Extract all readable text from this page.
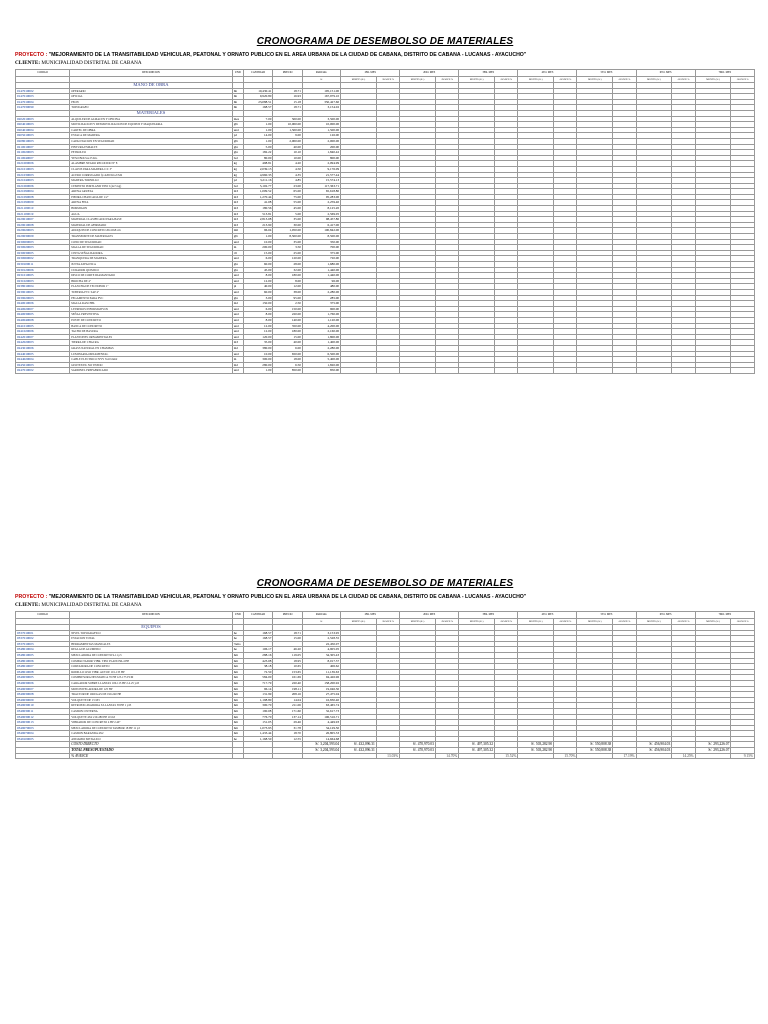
CRONOGRAMA DE DESEMBOLSO DE MATERIALES
PROYECTO : "MEJORAMIENTO DE LA TRANSITABILIDAD VEHICULAR, PEATONAL Y ORNATO PUBLICO EN EL AREA URBANA DE LA CIUDAD DE CABANA, DISTRITO DE CABANA - LUCANAS - AYACUCHO"
CLIENTE: MUNICIPALIDAD DISTRITAL DE CABANA
CODIGO	DESCRIPCION	UND	CANTIDAD	PRECIO	PARCIAL	1ER. MES		2DO. MES		3ER. MES		4TO. MES		5TO. MES		6TO. MES		7MO. MES	
					S/.	MONTO (S/.)	AVANCE %	MONTO (S/.)	AVANCE %	MONTO (S/.)	AVANCE %	MONTO (S/.)	AVANCE %	MONTO (S/.)	AVANCE %	MONTO (S/.)	AVANCE %	MONTO (S/.)	AVANCE %
	MANO DE OBRA																		
0147010002	OPERARIO	hh	10,430.41	18.71	195,151.00														
0147010003	OFICIAL	hh	9,920.80	16.93	167,979.10														
0147010004	PEON	hh	23,088.51	15.18	350,427.60														
0147030090	TOPOGRAFO	hh	168.57	18.71	3,154.02														
	MATERIALES																		
0202010003	ALQUILER DE ALMACEN Y OFICINA	mes	7.00	500.00	3,500.00														
0204010003	MOVILIZACION Y DESMOVILIZACION DE EQUIPOS Y MAQUINARIA	glb	1.00	10,000.00	10,000.00														
0204010004	CARTEL DE OBRA	und	1.00	1,500.00	1,500.00														
0205010003	ESTACA DE MADERA	p2	14.00	9.00	126.00														
0208010003	CAPACITACION EN SEGURIDAD	glb	1.00	2,000.00	2,000.00														
0210010007	PINTURA ESMALTE	gln	5.00	40.00	200.00														
0210020003	PETROLEO	gln	182.22	10.10	1,840.42														
0210040007	YESO BOLSA 25 KG	bol	80.00	10.00	800.00														
0221000006	ALAMBRE NEGRO RECOCIDO Nº 8	kg	498.81	4.20	2,094.99														
0221010003	CLAVOS PARA MADERA C/C 3"	kg	2,039.13	4.50	9,176.09														
0221030003	ACERO CORRUGADO fy=4200 KG/CM2	kg	4,960.33	4.35	21,577.44														
0221040003	MADERA TORNILLO	p2	3,211.16	4.85	15,574.13														
0221060006	CEMENTO PORTLAND TIPO I (42.5 kg)	bol	5,102.77	23.00	117,363.71														
0221090004	ARENA GRUESA	m3	1,009.52	65.00	65,618.80														
0221090008	PIEDRA CHANCADA DE 1/2"	m3	1,270.44	75.00	95,283.00														
0221090009	ARENA FINA	m3	41.08	55.00	2,259.40														
0221100010	HORMIGON	m3	180.56	45.00	8,125.20														
0221100019	AGUA	m3	513.81	5.00	2,569.05														
0229010007	MATERIAL CLASIFICADO PARA BASE	m3	2,813.08	35.00	98,457.80														
0229010008	MATERIAL DE AFIRMADO	m3	213.90	30.00	6,417.00														
0229020003	ADOQUIN DE CONCRETO 20x10x8 cm	mil	96.04	1,050.00	100,842.00														
0229030009	TRANSPORTE DE MATERIALES	glb	1.00	8,500.00	8,500.00														
0230000003	CONO DE SEGURIDAD	und	10.00	35.00	350.00														
0230020003	MALLA DE SEGURIDAD	m	200.00	3.50	700.00														
0230030005	CINTA SEÑALIZADORA	rll	15.00	25.00	375.00														
0230060002	TRANQUERA DE MADERA	und	6.00	120.00	720.00														
0230100011	JUNTA ASFALTICA	gln	60.00	28.00	1,680.00														
0230120006	CURADOR QUIMICO	gln	45.00	32.00	1,440.00														
0231010005	DISCO DE CORTE DIAMANTADO	und	8.00	180.00	1,440.00														
0231020003	BROCHA DE 4"	und	12.00	8.00	96.00														
0238010004	PLANCHA DE TECNOPOR 1"	pl	40.00	12.00	480.00														
0239010005	TUBERIA PVC SAP 4"	und	60.00	38.00	2,280.00														
0239020003	PEGAMENTO PARA PVC	gln	3.00	95.00	285.00														
0240010006	MALLA RASCHEL	m2	150.00	2.50	375.00														
0240020007	LETREROS INFORMATIVOS	und	6.00	150.00	900.00														
0240030005	SEÑAL PREVENTIVA	und	8.00	220.00	1,760.00														
0240040008	POSTE DE CONCRETO	und	8.00	140.00	1,120.00														
0241010005	BANCA DE CONCRETO	und	12.00	350.00	4,200.00														
0241020006	TACHO DE BASURA	und	12.00	180.00	2,160.00														
0242010007	PLANTONES ORNAMENTALES	und	120.00	15.00	1,800.00														
0242020003	TIERRA DE CHACRA	m3	35.00	40.00	1,400.00														
0243010006	GRASS NATURAL EN CHAMPAS	m2	380.00	6.00	2,280.00														
0244010005	LUMINARIA ORNAMENTAL	und	10.00	650.00	6,500.00														
0244020004	CABLE ELECTRICO NYY 3x10 mm2	m	300.00	18.00	5,400.00														
0245010003	GEOTEXTIL NO TEJIDO	m2	280.00	6.50	1,820.00														
0247010002	SARDINEL PREFABRICADO	und	1.00	850.00	850.00														
CRONOGRAMA DE DESEMBOLSO DE MATERIALES
PROYECTO : "MEJORAMIENTO DE LA TRANSITABILIDAD VEHICULAR, PEATONAL Y ORNATO PUBLICO EN EL AREA URBANA DE LA CIUDAD DE CABANA, DISTRITO DE CABANA - LUCANAS - AYACUCHO"
CLIENTE: MUNICIPALIDAD DISTRITAL DE CABANA
CODIGO	DESCRIPCION	UND	CANTIDAD	PRECIO	PARCIAL	1ER. MES		2DO. MES		3ER. MES		4TO. MES		5TO. MES		6TO. MES		7MO. MES	
					S/.	MONTO (S/.)	AVANCE %	MONTO (S/.)	AVANCE %	MONTO (S/.)	AVANCE %	MONTO (S/.)	AVANCE %	MONTO (S/.)	AVANCE %	MONTO (S/.)	AVANCE %	MONTO (S/.)	AVANCE %
	EQUIPOS																		
0337010001	NIVEL TOPOGRAFICO	he	168.57	18.71	3,153.95														
0337010002	ESTACION TOTAL	he	168.57	15.00	2,528.55														
0337010003	HERRAMIENTAS MANUALES	%mo			22,450.07														
0348010004	REGLA DE ALUMINIO	he	106.17	46.20	4,905.05														
0348010005	MEZCLADORA DE CONCRETO 9-11 p3	hm	288.16	119.05	34,305.43														
0348010006	COMPACTADOR VIBR. TIPO PLANCHA 4 HP	hm	423.08	18.95	8,017.37														
0348010007	CORTADORA DE CONCRETO	hm	38.18	10.65	406.62														
0348010008	RODILLO LISO VIBR. AUTOP. 101-135 HP	hm	72.50	153.65	11,139.63														
0349030005	COMPRESORA NEUMATICA 76 HP 125-175 PCM	hm	584.00	161.69	94,426.96														
0349030006	CARGADOR SOBRE LLANTAS 100-115 HP 2-2.25 yd3	hm	717.79	220.40	158,200.92														
0349030007	MOTONIVELADORA DE 125 HP	hm	96.14	198.11	19,046.30														
0349030008	TRACTOR DE ORUGAS DE 190-240 HP	hm	131.99	208.16	27,475.04														
0349030009	VOLQUETE DE 15 M3	hm	1,198.80	14.04	16,830.40														
0349030010	RETROEXCAVADORA S/LLANTAS 58 HP 1 yd3	hm	300.70	211.06	63,465.74														
0349030011	CAMION CISTERNA	hm	190.08	171.60	32,617.73														
0349030012	VOLQUETE 4X2 210-280 HP 10 m3	hm	776.70	137.14	106,516.71														
0349030013	VIBRADOR DE CONCRETO 4 HP 2.40"	hm	151.05	29.46	4,449.93														
0349070003	MEZCLADORA DE CONCRETO TAMBOR 18 HP 11 p3	hm	1,073.93	31.78	34,129.50														
0349070004	CAMION BARANDA 4X2	hm	1,433.44	18.70	26,805.33														
0349100005	ANDAMIO METALICO	he	1,168.50	12.55	14,664.68														
	COSTO DIRECTO				S/. 3,204,593.04	S/. 432,096.31		S/. 470,970.03		S/. 497,305.32		S/. 503,282.90		S/. 550,808.38		S/. 456,904.03		S/. 293,226.07	
	TOTAL PRESUPUESTADO				S/. 3,204,593.04	S/. 432,096.31		S/. 470,970.03		S/. 497,305.32		S/. 503,282.90		S/. 550,808.38		S/. 456,904.03		S/. 293,226.07	
	% AVANCE						13.03%		14.70%		15.52%		15.70%		17.19%		14.25%		9.15%
